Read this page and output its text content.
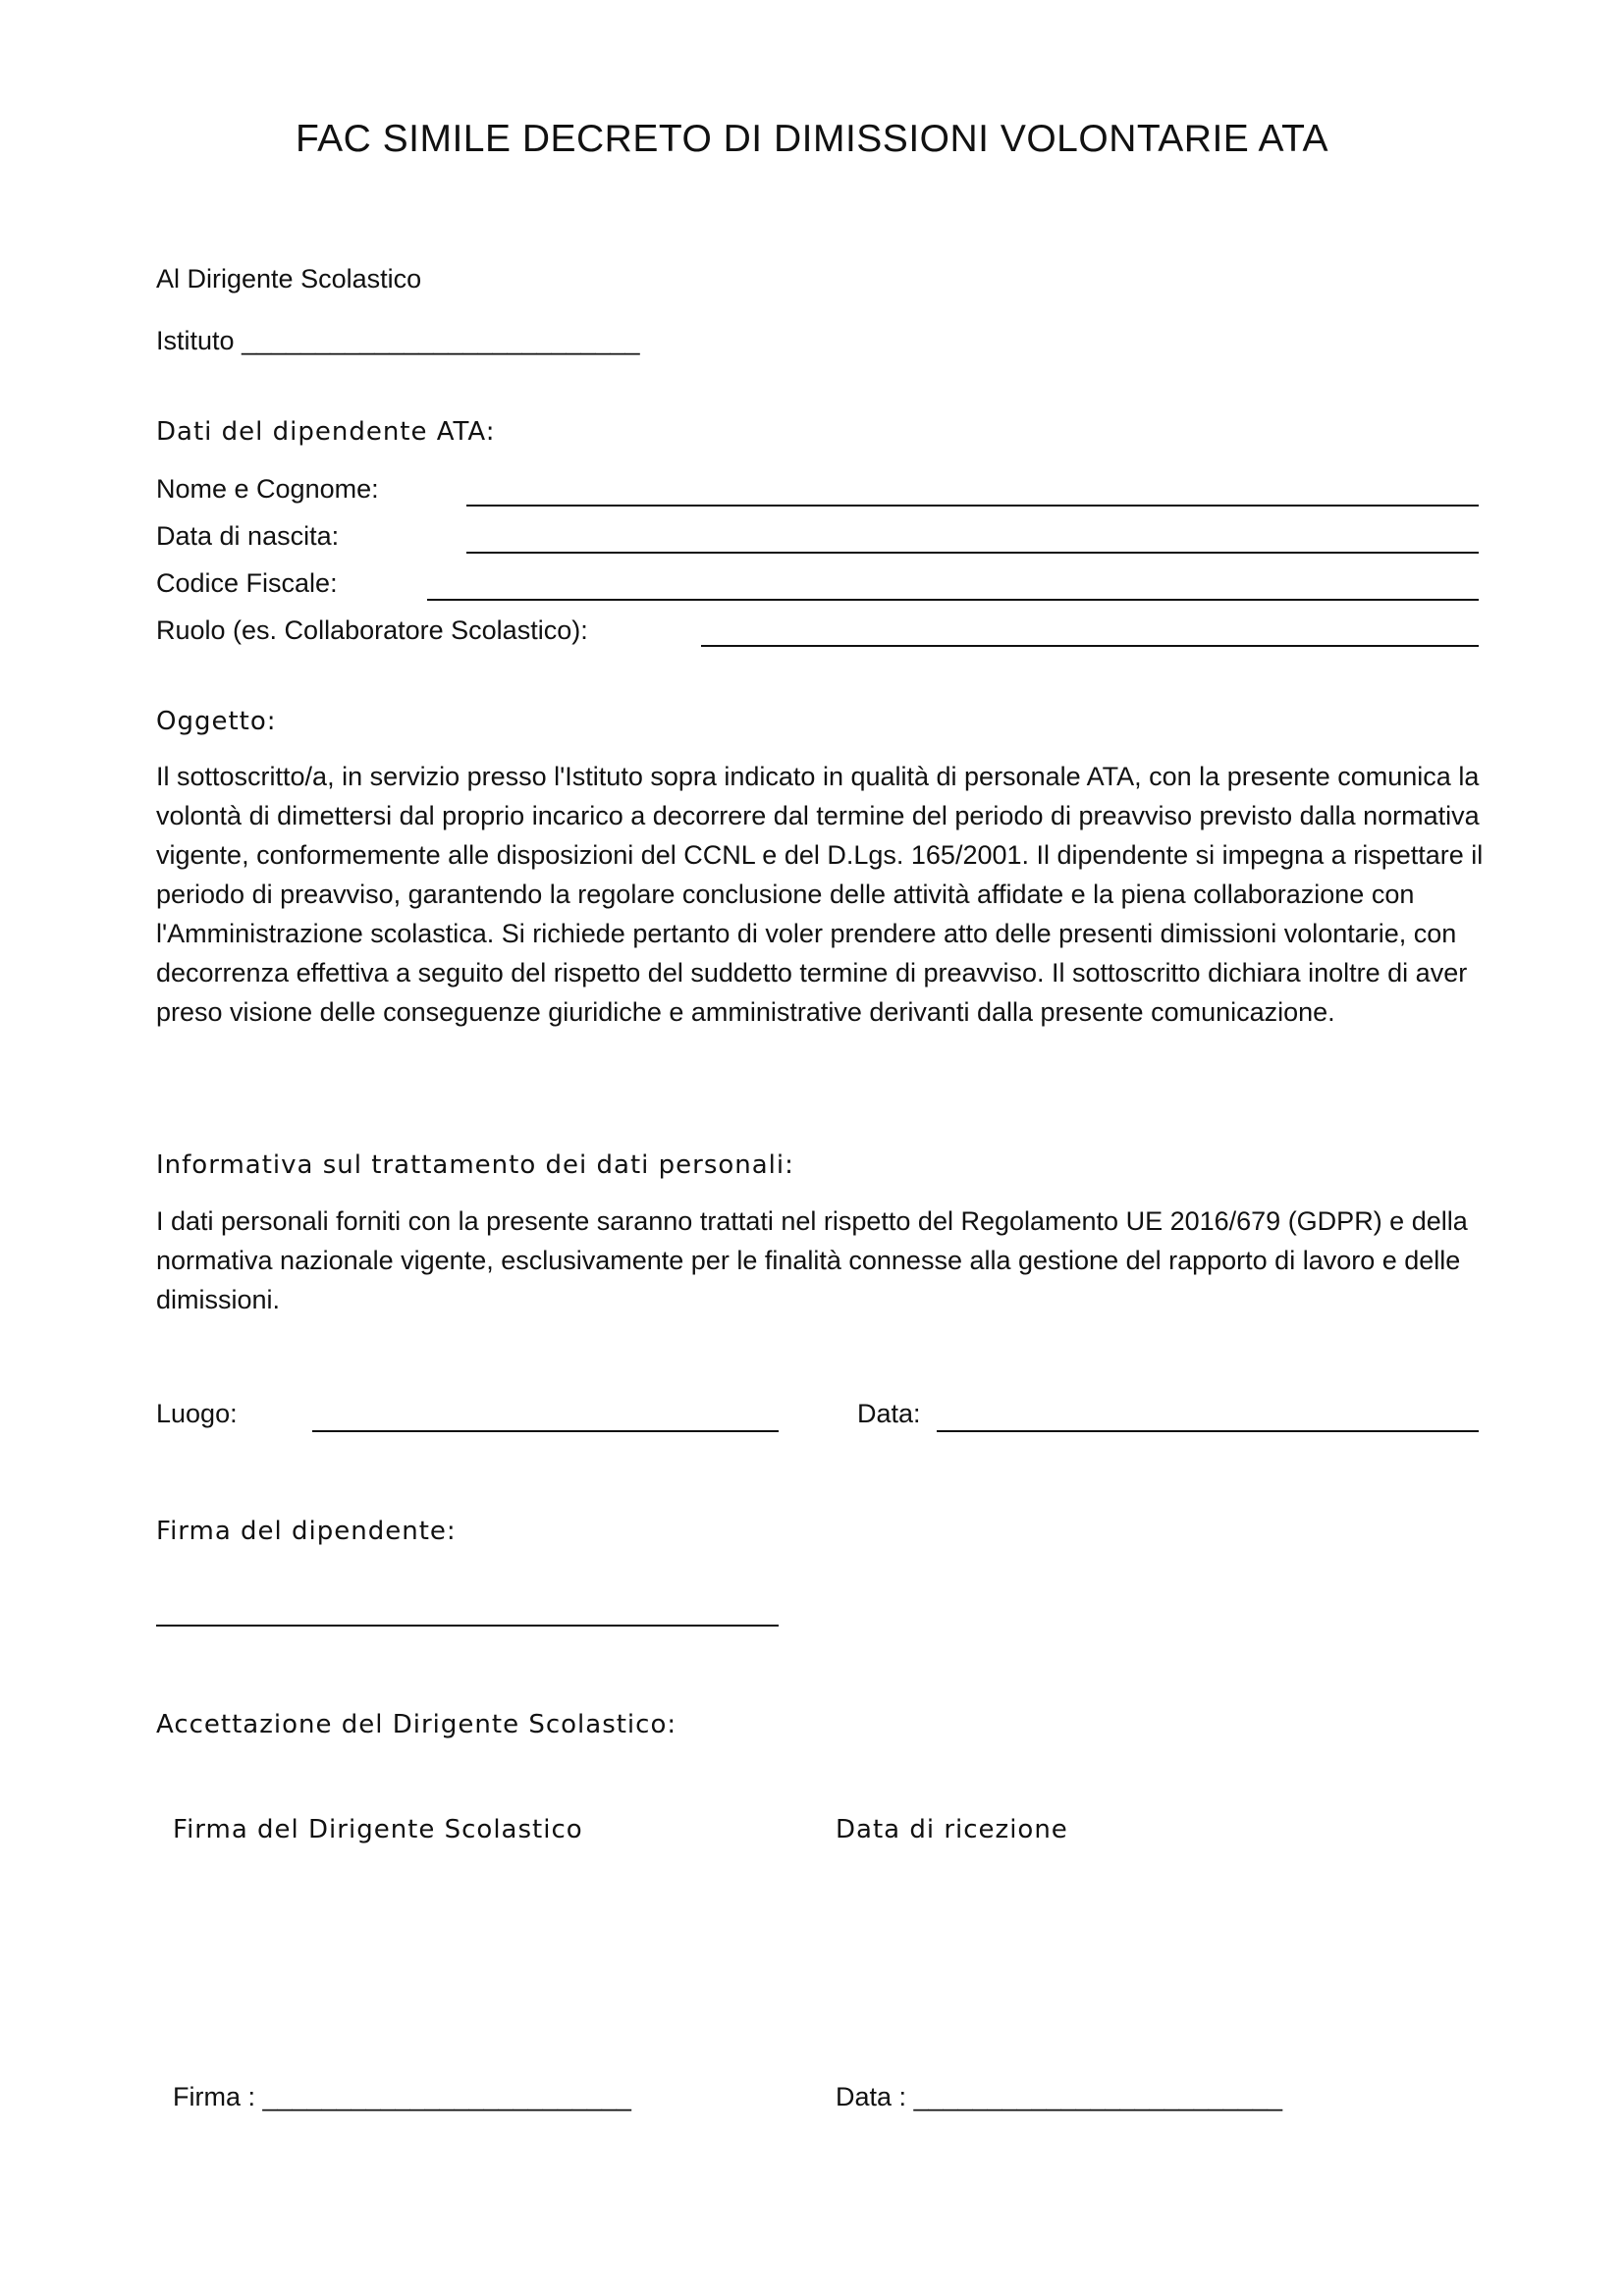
FAC SIMILE DECRETO DI DIMISSIONI VOLONTARIE ATA
Al Dirigente Scolastico
Istituto ___________________________
Dati del dipendente ATA:
Nome e Cognome:
Data di nascita:
Codice Fiscale:
Ruolo (es. Collaboratore Scolastico):
Oggetto:
Il sottoscritto/a, in servizio presso l'Istituto sopra indicato in qualità di personale ATA, con la presente comunica la volontà di dimettersi dal proprio incarico a decorrere dal termine del periodo di preavviso previsto dalla normativa vigente, conformemente alle disposizioni del CCNL e del D.Lgs. 165/2001. Il dipendente si impegna a rispettare il periodo di preavviso, garantendo la regolare conclusione delle attività affidate e la piena collaborazione con l'Amministrazione scolastica. Si richiede pertanto di voler prendere atto delle presenti dimissioni volontarie, con decorrenza effettiva a seguito del rispetto del suddetto termine di preavviso. Il sottoscritto dichiara inoltre di aver preso visione delle conseguenze giuridiche e amministrative derivanti dalla presente comunicazione.
Informativa sul trattamento dei dati personali:
I dati personali forniti con la presente saranno trattati nel rispetto del Regolamento UE 2016/679 (GDPR) e della normativa nazionale vigente, esclusivamente per le finalità connesse alla gestione del rapporto di lavoro e delle dimissioni.
Luogo:	Data:
Firma del dipendente:
Accettazione del Dirigente Scolastico:
Firma del Dirigente Scolastico	Data di ricezione
Firma : _________________________	Data : _________________________
